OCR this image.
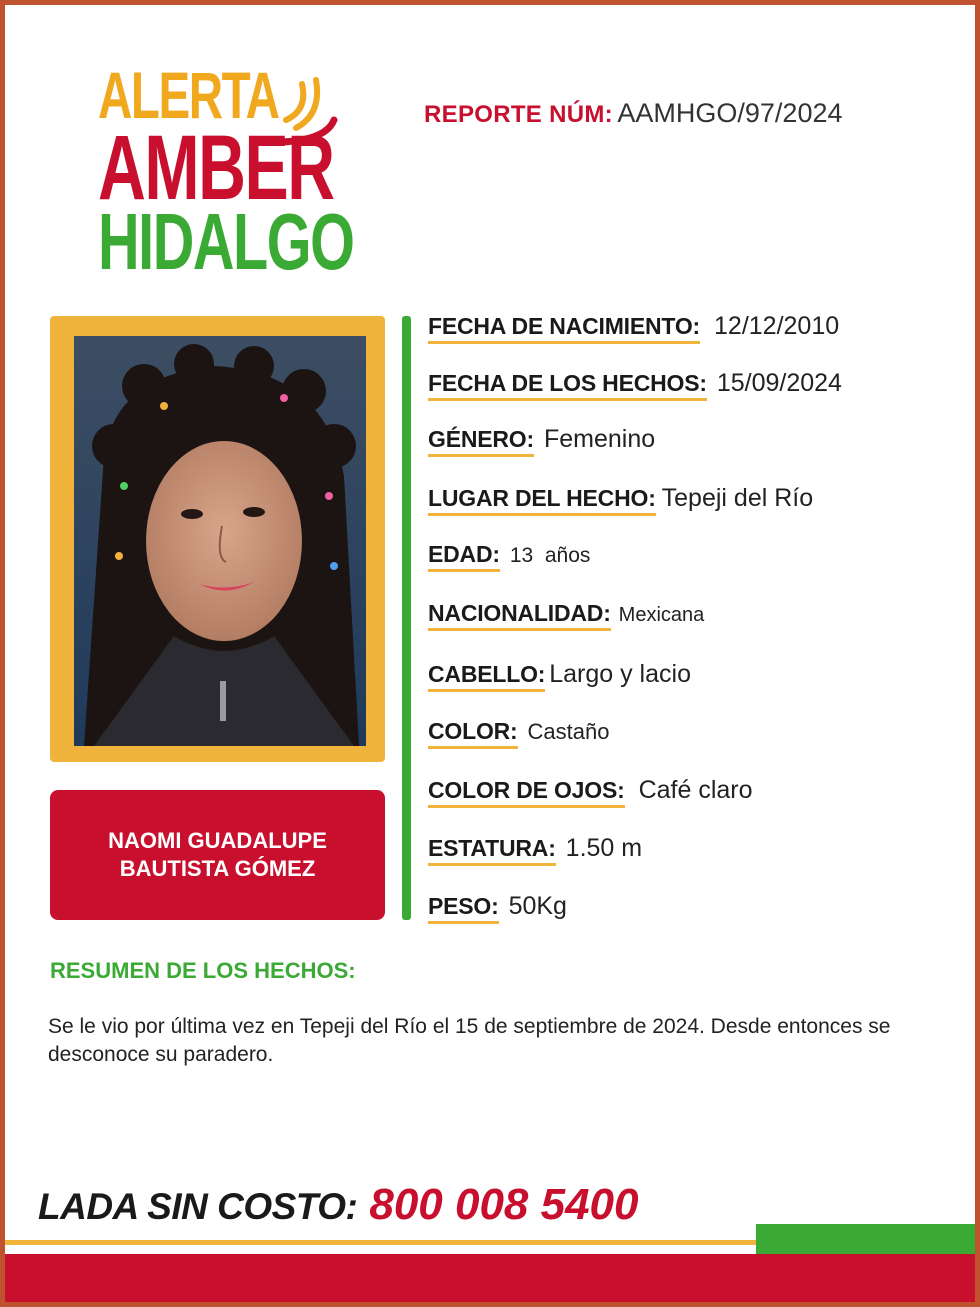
ALERTA
AMBER
HIDALGO
REPORTE NÚM: AAMHGO/97/2024
NAOMI GUADALUPE
BAUTISTA GÓMEZ
FECHA DE NACIMIENTO: 12/12/2010
FECHA DE LOS HECHOS: 15/09/2024
GÉNERO: Femenino
LUGAR DEL HECHO: Tepeji del Río
EDAD: 13  años
NACIONALIDAD: Mexicana
CABELLO: Largo y lacio
COLOR: Castaño
COLOR DE OJOS: Café claro
ESTATURA: 1.50 m
PESO: 50Kg
RESUMEN DE LOS HECHOS:
Se le vio por última vez en Tepeji del Río el 15 de septiembre de 2024. Desde entonces se desconoce su paradero.
LADA SIN COSTO: 800 008 5400
